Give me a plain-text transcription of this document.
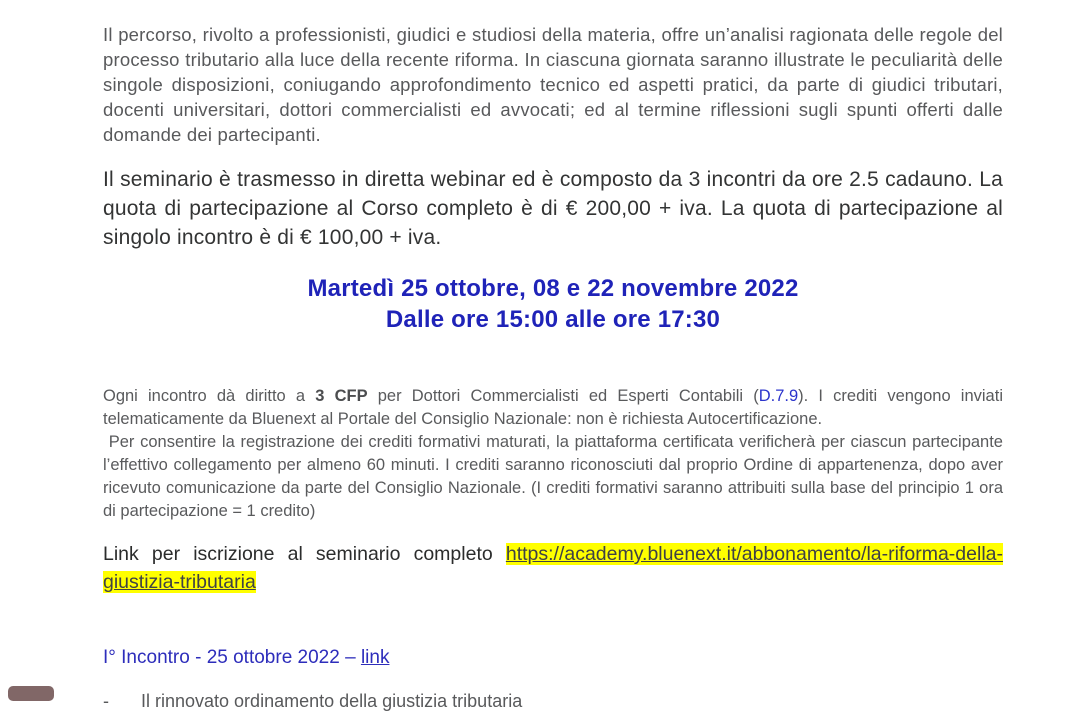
Il percorso, rivolto a professionisti, giudici e studiosi della materia, offre un’analisi ragionata delle regole del processo tributario alla luce della recente riforma. In ciascuna giornata saranno illustrate le peculiarità delle singole disposizioni, coniugando approfondimento tecnico ed aspetti pratici, da parte di giudici tributari, docenti universitari, dottori commercialisti ed avvocati; ed al termine riflessioni sugli spunti offerti dalle domande dei partecipanti.

Il seminario è trasmesso in diretta webinar ed è composto da 3 incontri da ore 2.5 cadauno. La quota di partecipazione al Corso completo è di € 200,00 + iva. La quota di partecipazione al singolo incontro è di € 100,00 + iva.

Martedì 25 ottobre, 08 e 22 novembre 2022
Dalle ore 15:00 alle ore 17:30
Ogni incontro dà diritto a 3 CFP per Dottori Commercialisti ed Esperti Contabili (D.7.9). I crediti vengono inviati telematicamente da Bluenext al Portale del Consiglio Nazionale: non è richiesta Autocertificazione.
Per consentire la registrazione dei crediti formativi maturati, la piattaforma certificata verificherà per ciascun partecipante l’effettivo collegamento per almeno 60 minuti. I crediti saranno riconosciuti dal proprio Ordine di appartenenza, dopo aver ricevuto comunicazione da parte del Consiglio Nazionale. (I crediti formativi saranno attribuiti sulla base del principio 1 ora di partecipazione = 1 credito)

Link per iscrizione al seminario completo https://academy.bluenext.it/abbonamento/la-riforma-della-giustizia-tributaria

I° Incontro - 25 ottobre 2022 – link

-	Il rinnovato ordinamento della giustizia tributaria
